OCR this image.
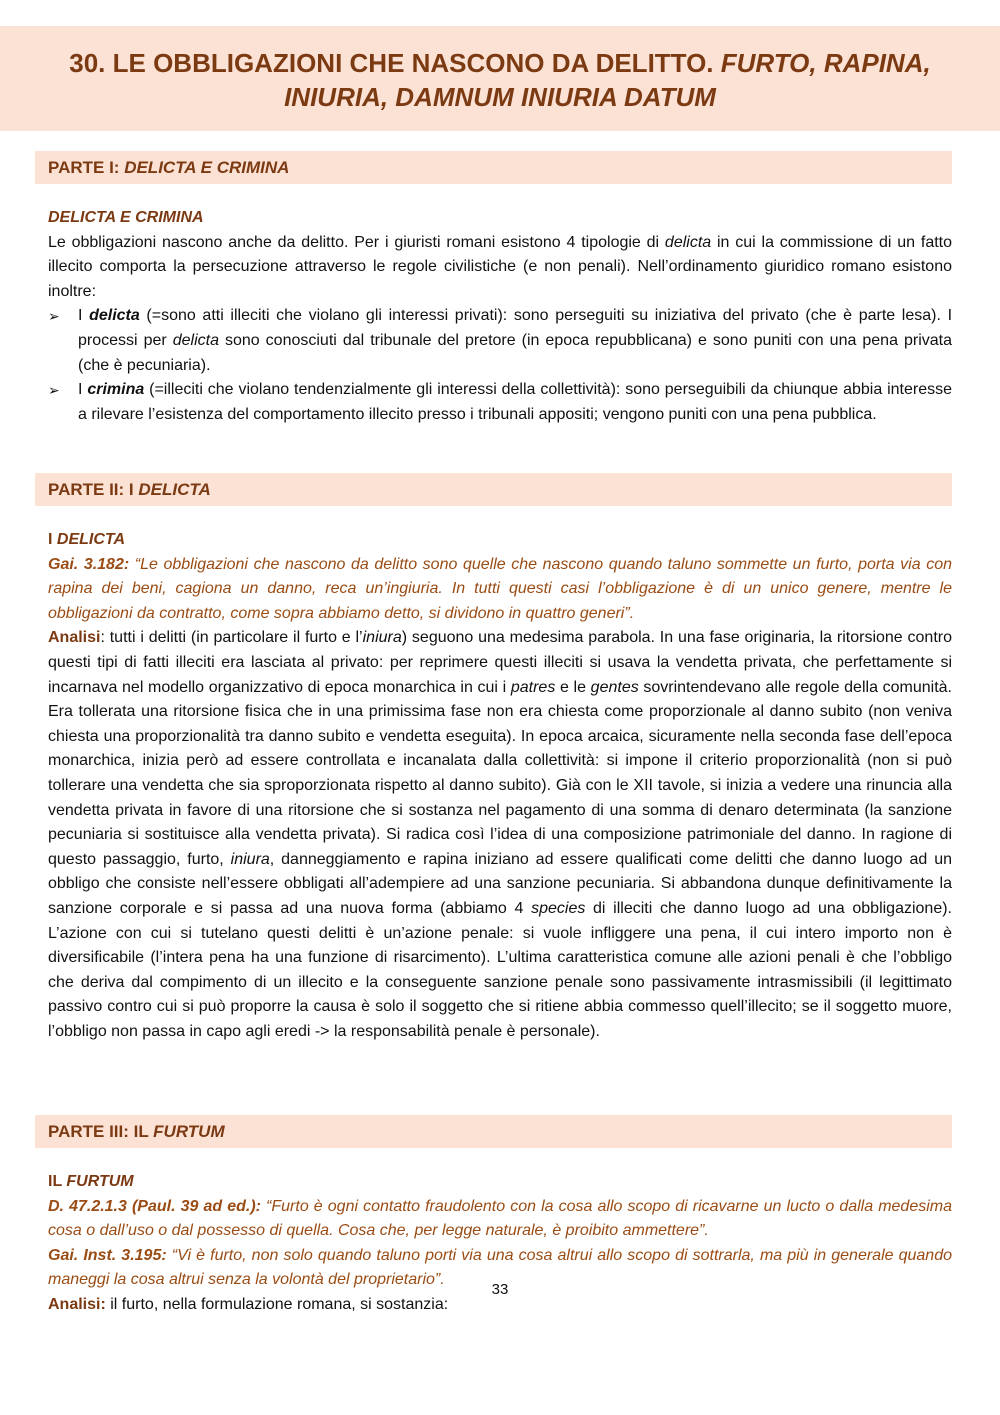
30. LE OBBLIGAZIONI CHE NASCONO DA DELITTO. FURTO, RAPINA,
INIURIA, DAMNUM INIURIA DATUM
PARTE I: DELICTA E CRIMINA
DELICTA E CRIMINA

Le obbligazioni nascono anche da delitto. Per i giuristi romani esistono 4 tipologie di delicta in cui la commissione di un fatto illecito comporta la persecuzione attraverso le regole civilistiche (e non penali). Nell’ordinamento giuridico romano esistono inoltre:

➢ I delicta (=sono atti illeciti che violano gli interessi privati): sono perseguiti su iniziativa del privato (che è parte lesa). I processi per delicta sono conosciuti dal tribunale del pretore (in epoca repubblicana) e sono puniti con una pena privata (che è pecuniaria).
➢ I crimina (=illeciti che violano tendenzialmente gli interessi della collettività): sono perseguibili da chiunque abbia interesse a rilevare l’esistenza del comportamento illecito presso i tribunali appositi; vengono puniti con una pena pubblica.
PARTE II: I DELICTA
I DELICTA

Gai. 3.182: “Le obbligazioni che nascono da delitto sono quelle che nascono quando taluno sommette un furto, porta via con rapina dei beni, cagiona un danno, reca un’ingiuria. In tutti questi casi l’obbligazione è di un unico genere, mentre le obbligazioni da contratto, come sopra abbiamo detto, si dividono in quattro generi”.

Analisi: tutti i delitti (in particolare il furto e l’iniura) seguono una medesima parabola. In una fase originaria, la ritorsione contro questi tipi di fatti illeciti era lasciata al privato: per reprimere questi illeciti si usava la vendetta privata, che perfettamente si incarnava nel modello organizzativo di epoca monarchica in cui i patres e le gentes sovrintendevano alle regole della comunità. Era tollerata una ritorsione fisica che in una primissima fase non era chiesta come proporzionale al danno subito (non veniva chiesta una proporzionalità tra danno subito e vendetta eseguita). In epoca arcaica, sicuramente nella seconda fase dell’epoca monarchica, inizia però ad essere controllata e incanalata dalla collettività: si impone il criterio proporzionalità (non si può tollerare una vendetta che sia sproporzionata rispetto al danno subito). Già con le XII tavole, si inizia a vedere una rinuncia alla vendetta privata in favore di una ritorsione che si sostanza nel pagamento di una somma di denaro determinata (la sanzione pecuniaria si sostituisce alla vendetta privata). Si radica così l’idea di una composizione patrimoniale del danno. In ragione di questo passaggio, furto, iniura, danneggiamento e rapina iniziano ad essere qualificati come delitti che danno luogo ad un obbligo che consiste nell’essere obbligati all’adempiere ad una sanzione pecuniaria. Si abbandona dunque definitivamente la sanzione corporale e si passa ad una nuova forma (abbiamo 4 species di illeciti che danno luogo ad una obbligazione). L’azione con cui si tutelano questi delitti è un’azione penale: si vuole infliggere una pena, il cui intero importo non è diversificabile (l’intera pena ha una funzione di risarcimento). L’ultima caratteristica comune alle azioni penali è che l’obbligo che deriva dal compimento di un illecito e la conseguente sanzione penale sono passivamente intrasmissibili (il legittimato passivo contro cui si può proporre la causa è solo il soggetto che si ritiene abbia commesso quell’illecito; se il soggetto muore, l’obbligo non passa in capo agli eredi -> la responsabilità penale è personale).

PARTE III: IL FURTUM
IL FURTUM

D. 47.2.1.3 (Paul. 39 ad ed.): “Furto è ogni contatto fraudolento con la cosa allo scopo di ricavarne un lucto o dalla medesima cosa o dall’uso o dal possesso di quella. Cosa che, per legge naturale, è proibito ammettere”.

Gai. Inst. 3.195: “Vi è furto, non solo quando taluno porti via una cosa altrui allo scopo di sottrarla, ma più in generale quando maneggi la cosa altrui senza la volontà del proprietario”.

Analisi: il furto, nella formulazione romana, si sostanzia:

33
